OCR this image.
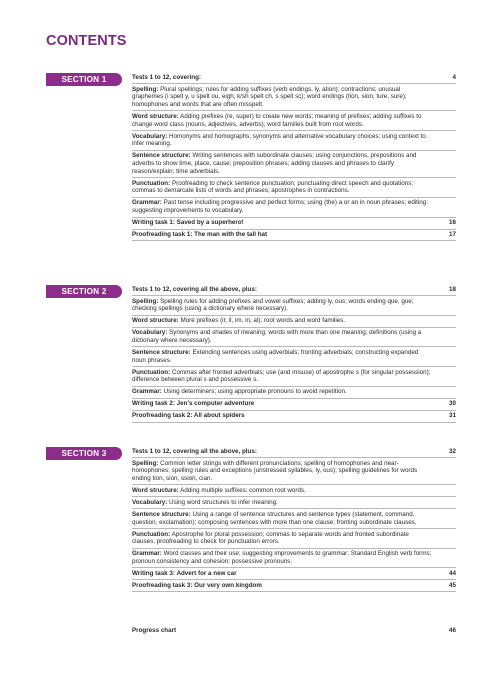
CONTENTS
SECTION 1	Tests 1 to 12, covering:	4
Spelling: Plural spellings; rules for adding suffixes (verb endings, ly, ation); contractions; unusual graphemes (i spelt y, u spelt ou, eigh, k/sh spelt ch, s spelt sc); word endings (tion, sion, ture, sure); homophones and words that are often misspelt.
Word structure: Adding prefixes (re, super) to create new words; meaning of prefixes; adding suffixes to change word class (nouns, adjectives, adverbs); word families built from root words.
Vocabulary: Homonyms and homographs; synonyms and alternative vocabulary choices; using context to infer meaning.
Sentence structure: Writing sentences with subordinate clauses; using conjunctions, prepositions and adverbs to show time, place, cause; preposition phrases; adding clauses and phrases to clarify reason/explain; time adverbials.
Punctuation: Proofreading to check sentence punctuation; punctuating direct speech and quotations; commas to demarcate lists of words and phrases; apostrophes in contractions.
Grammar: Past tense including progressive and perfect forms; using (the) a or an in noun phrases; editing: suggesting improvements to vocabulary.
Writing task 1: Saved by a superhero!	16
Proofreading task 1: The man with the tall hat	17
SECTION 2	Tests 1 to 12, covering all the above, plus:	18
Spelling: Spelling rules for adding prefixes and vowel suffixes; adding ly, ous; words ending que, gue; checking spellings (using a dictionary where necessary).
Word structure: More prefixes (ir, il, im, in, al); root words and word families.
Vocabulary: Synonyms and shades of meaning; words with more than one meaning; definitions (using a dictionary where necessary).
Sentence structure: Extending sentences using adverbials; fronting adverbials; constructing expanded noun phrases.
Punctuation: Commas after fronted adverbials; use (and misuse) of apostrophe s (for singular possession); difference between plural s and possessive s.
Grammar: Using determiners; using appropriate pronouns to avoid repetition.
Writing task 2: Jen's computer adventure	30
Proofreading task 2: All about spiders	31
SECTION 3	Tests 1 to 12, covering all the above, plus:	32
Spelling: Common letter strings with different pronunciations; spelling of homophones and near-homophones; spelling rules and exceptions (unstressed syllables, ly, ous); spelling guidelines for words ending tion, sion, ssion, cian.
Word structure: Adding multiple suffixes; common root words.
Vocabulary: Using word structures to infer meaning.
Sentence structure: Using a range of sentence structures and sentence types (statement, command, question, exclamation); composing sentences with more than one clause; fronting subordinate clauses.
Punctuation: Apostrophe for plural possession; commas to separate words and fronted subordinate clauses; proofreading to check for punctuation errors.
Grammar: Word classes and their use; suggesting improvements to grammar; Standard English verb forms; pronoun consistency and cohesion: possessive pronouns.
Writing task 3: Advert for a new car	44
Proofreading task 3: Our very own kingdom	45
Progress chart	46
